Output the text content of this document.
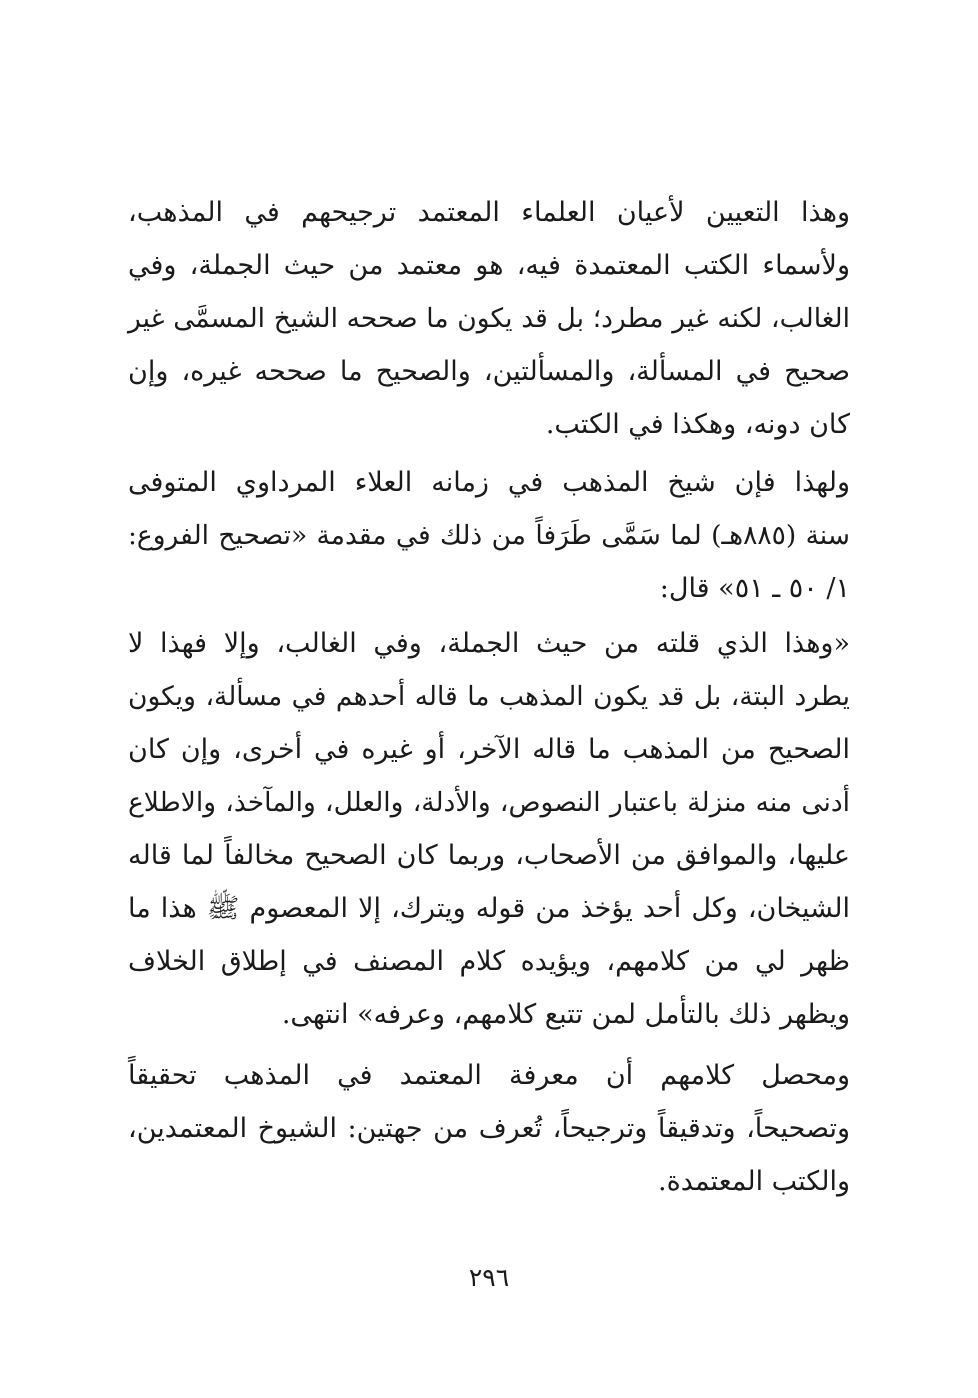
وهذا التعيين لأعيان العلماء المعتمد ترجيحهم في المذهب،
ولأسماء الكتب المعتمدة فيه، هو معتمد من حيث الجملة، وفي
الغالب، لكنه غير مطرد؛ بل قد يكون ما صححه الشيخ المسمَّى غير
صحيح في المسألة، والمسألتين، والصحيح ما صححه غيره، وإن
كان دونه، وهكذا في الكتب.
ولهذا فإن شيخ المذهب في زمانه العلاء المرداوي المتوفى
سنة (٨٨٥هـ) لما سَمَّى طَرَفاً من ذلك في مقدمة «تصحيح الفروع:
١/ ٥٠ ـ ٥١» قال:
«وهذا الذي قلته من حيث الجملة، وفي الغالب، وإلا فهذا لا
يطرد البتة، بل قد يكون المذهب ما قاله أحدهم في مسألة، ويكون
الصحيح من المذهب ما قاله الآخر، أو غيره في أخرى، وإن كان
أدنى منه منزلة باعتبار النصوص، والأدلة، والعلل، والمآخذ، والاطلاع
عليها، والموافق من الأصحاب، وربما كان الصحيح مخالفاً لما قاله
الشيخان، وكل أحد يؤخذ من قوله ويترك، إلا المعصوم ﷺ هذا ما
ظهر لي من كلامهم، ويؤيده كلام المصنف في إطلاق الخلاف
ويظهر ذلك بالتأمل لمن تتبع كلامهم، وعرفه» انتهى.
ومحصل كلامهم أن معرفة المعتمد في المذهب تحقيقاً
وتصحيحاً، وتدقيقاً وترجيحاً، تُعرف من جهتين: الشيوخ المعتمدين،
والكتب المعتمدة.
٢٩٦
